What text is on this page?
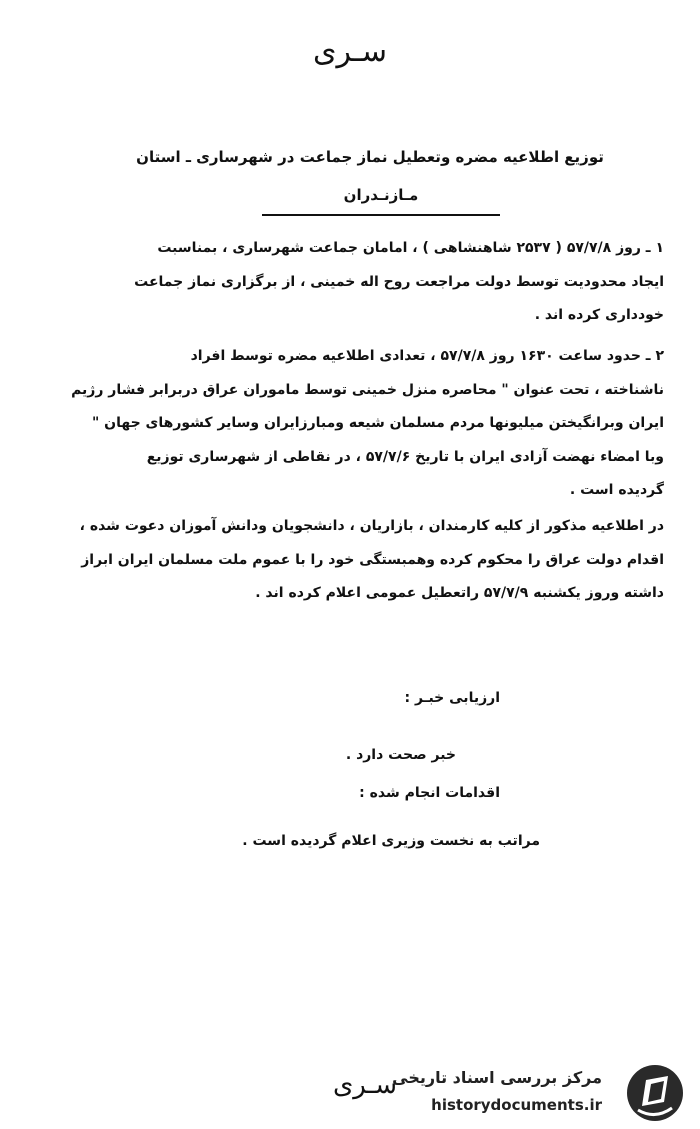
سـری
توزیع اطلاعیه مضره وتعطیل نماز جماعت در شهرساری ـ استان
مـازنـدران
۱ ـ روز ۵۷/۷/۸ ( ۲۵۳۷ شاهنشاهی ) ، امامان جماعت شهرساری ، بمناسبت
ایجاد محدودیت توسط دولت مراجعت روح اله خمینی ، از برگزاری نماز جماعت
خودداری کرده اند .
۲ ـ حدود ساعت ۱۶۳۰ روز ۵۷/۷/۸ ، تعدادی اطلاعیه مضره توسط افراد
ناشناخته ، تحت عنوان " محاصره منزل خمینی توسط ماموران عراق دربرابر فشار رژیم
ایران وبرانگیختن میلیونها مردم مسلمان شیعه ومبارزایران وسایر کشورهای جهان "
وبا امضاء نهضت آزادی ایران با تاریخ ۵۷/۷/۶ ، در نقاطی از شهرساری توزیع
گردیده است .
در اطلاعیه مذکور از کلیه کارمندان ، بازاریان ، دانشجویان ودانش آموزان دعوت شده ،
اقدام دولت عراق را محکوم کرده وهمبستگی خود را با عموم ملت مسلمان ایران ابراز
داشته وروز یکشنبه ۵۷/۷/۹ راتعطیل عمومی اعلام کرده اند .
ارزیابی خبـر :
خبر صحت دارد .
اقدامات انجام شده :
مراتب به نخست وزیری اعلام گردیده است .
سـری
مرکز بررسی اسناد تاریخی
historydocuments.ir
